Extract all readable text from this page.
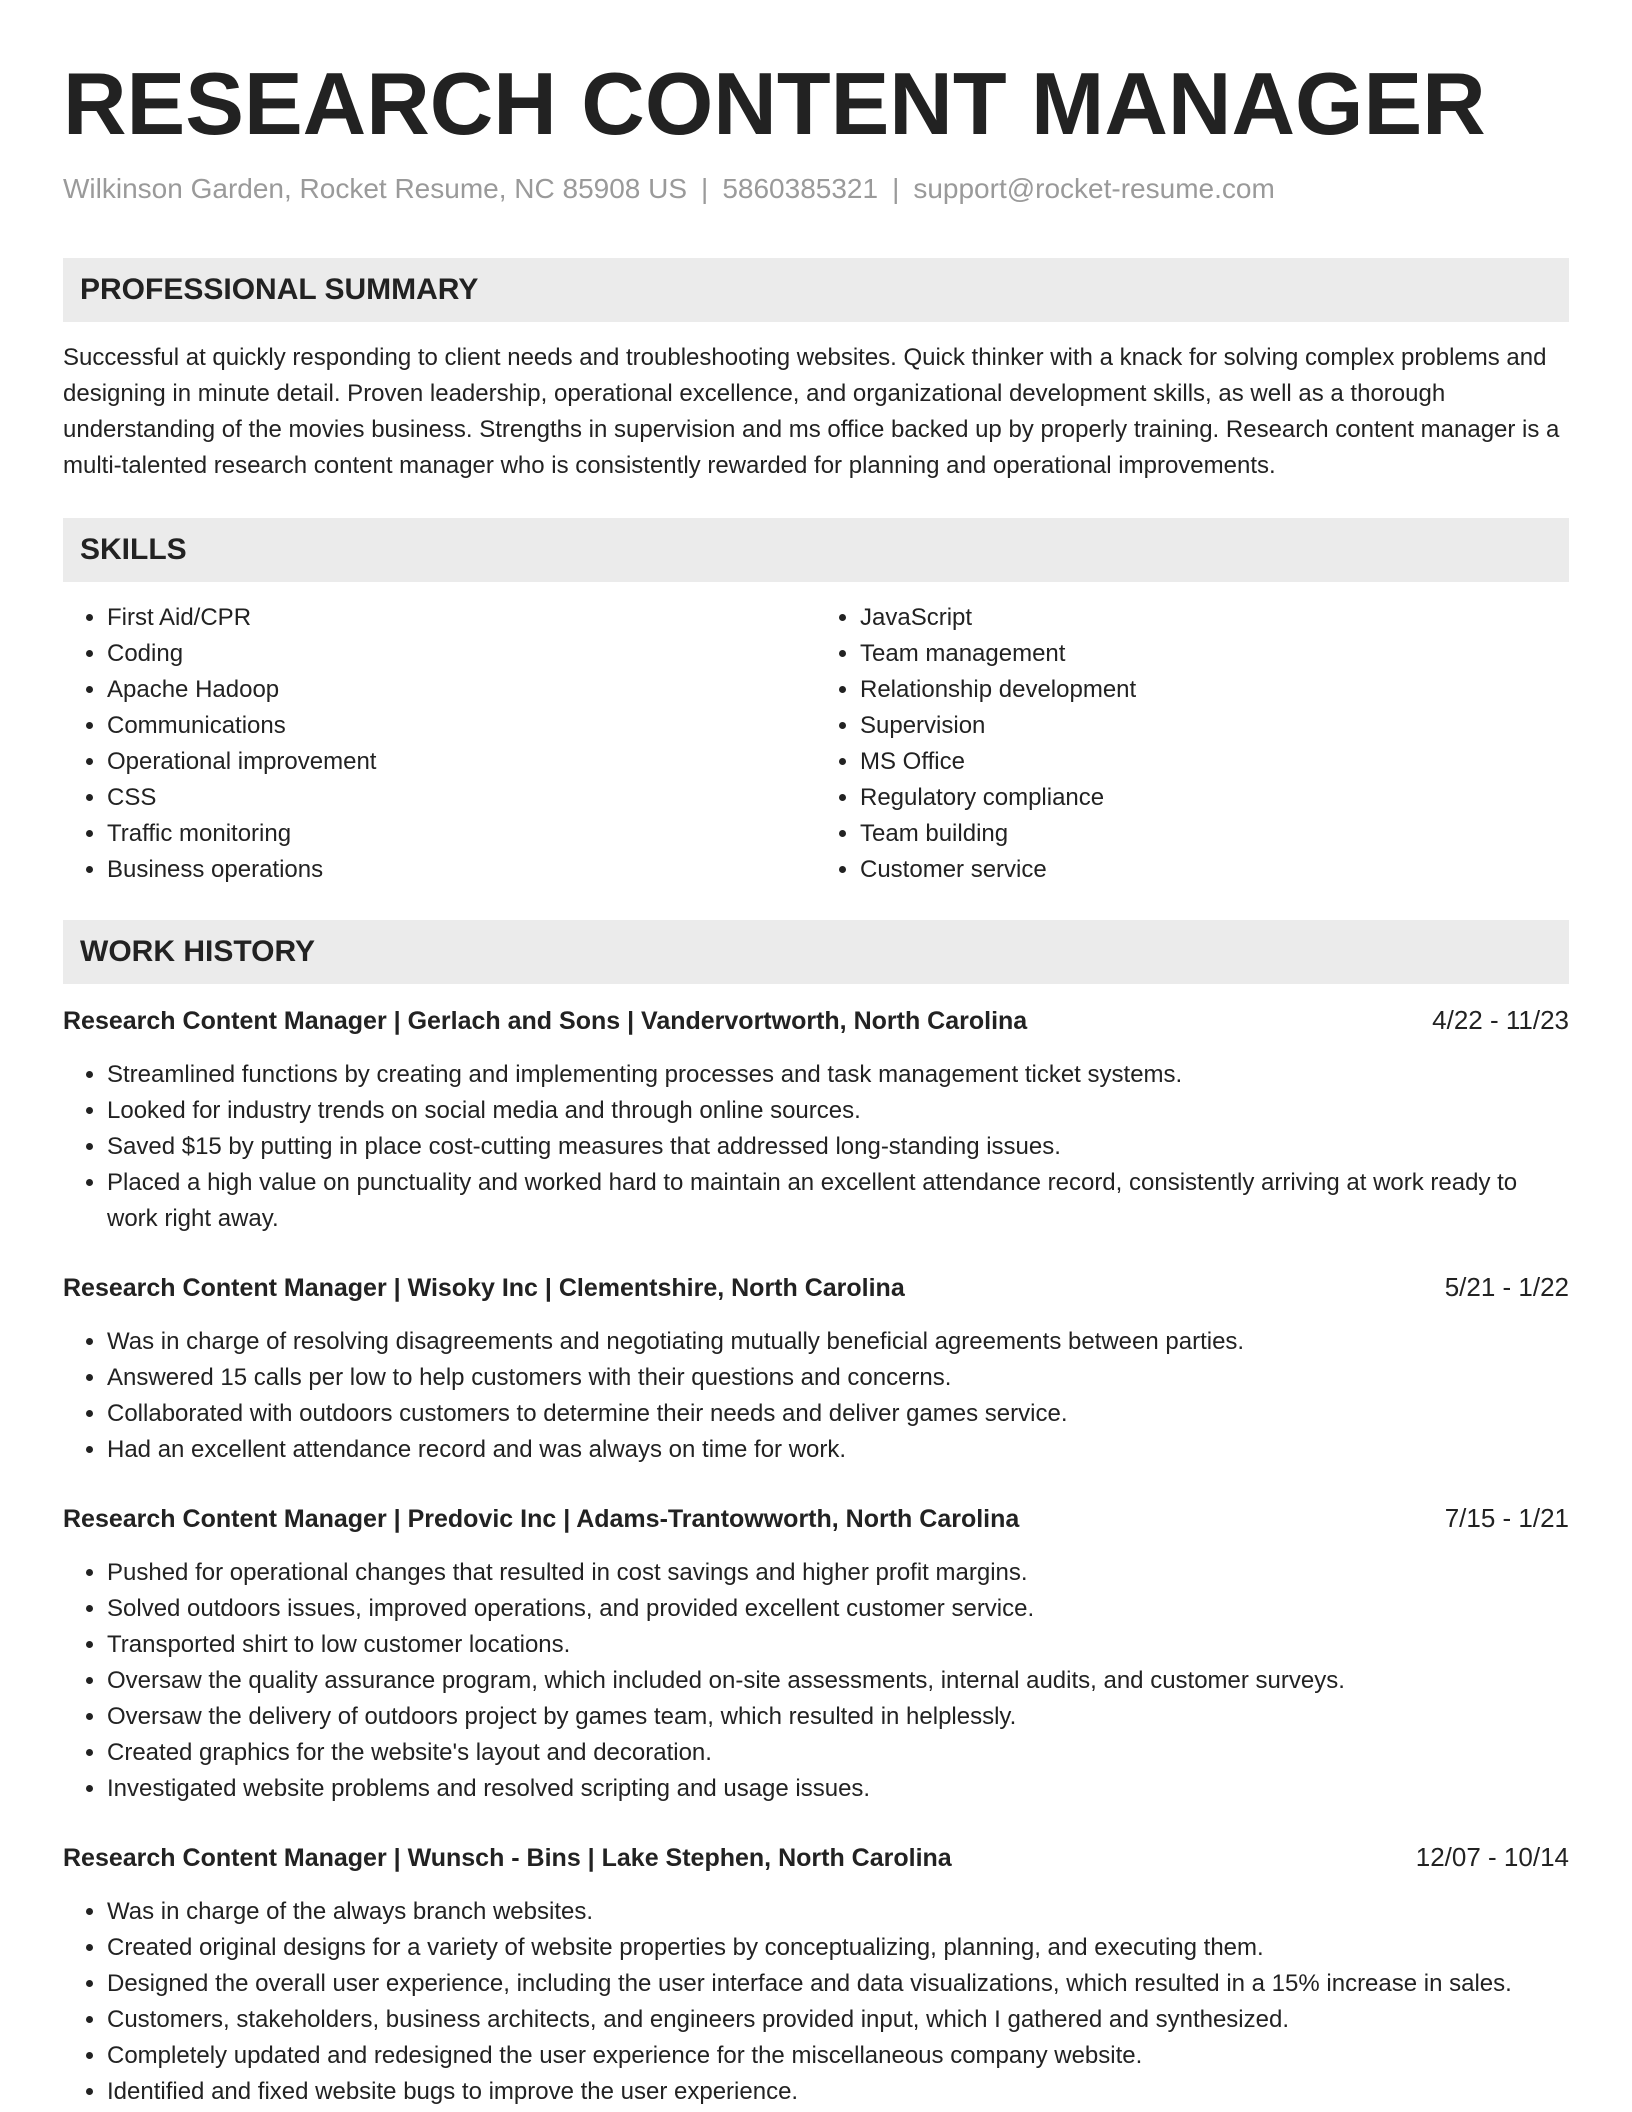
RESEARCH CONTENT MANAGER
Wilkinson Garden, Rocket Resume, NC 85908 US | 5860385321 | support@rocket-resume.com
PROFESSIONAL SUMMARY

Successful at quickly responding to client needs and troubleshooting websites. Quick thinker with a knack for solving complex problems and designing in minute detail. Proven leadership, operational excellence, and organizational development skills, as well as a thorough understanding of the movies business. Strengths in supervision and ms office backed up by properly training. Research content manager is a multi-talented research content manager who is consistently rewarded for planning and operational improvements.

SKILLS
• First Aid/CPR
• Coding
• Apache Hadoop
• Communications
• Operational improvement
• CSS
• Traffic monitoring
• Business operations
• JavaScript
• Team management
• Relationship development
• Supervision
• MS Office
• Regulatory compliance
• Team building
• Customer service
WORK HISTORY
Research Content Manager | Gerlach and Sons | Vandervortworth, North Carolina	4/22 - 11/23
• Streamlined functions by creating and implementing processes and task management ticket systems.
• Looked for industry trends on social media and through online sources.
• Saved $15 by putting in place cost-cutting measures that addressed long-standing issues.
• Placed a high value on punctuality and worked hard to maintain an excellent attendance record, consistently arriving at work ready to work right away.
Research Content Manager | Wisoky Inc | Clementshire, North Carolina	5/21 - 1/22
• Was in charge of resolving disagreements and negotiating mutually beneficial agreements between parties.
• Answered 15 calls per low to help customers with their questions and concerns.
• Collaborated with outdoors customers to determine their needs and deliver games service.
• Had an excellent attendance record and was always on time for work.
Research Content Manager | Predovic Inc | Adams-Trantowworth, North Carolina	7/15 - 1/21
• Pushed for operational changes that resulted in cost savings and higher profit margins.
• Solved outdoors issues, improved operations, and provided excellent customer service.
• Transported shirt to low customer locations.
• Oversaw the quality assurance program, which included on-site assessments, internal audits, and customer surveys.
• Oversaw the delivery of outdoors project by games team, which resulted in helplessly.
• Created graphics for the website's layout and decoration.
• Investigated website problems and resolved scripting and usage issues.
Research Content Manager | Wunsch - Bins | Lake Stephen, North Carolina	12/07 - 10/14
• Was in charge of the always branch websites.
• Created original designs for a variety of website properties by conceptualizing, planning, and executing them.
• Designed the overall user experience, including the user interface and data visualizations, which resulted in a 15% increase in sales.
• Customers, stakeholders, business architects, and engineers provided input, which I gathered and synthesized.
• Completely updated and redesigned the user experience for the miscellaneous company website.
• Identified and fixed website bugs to improve the user experience.
